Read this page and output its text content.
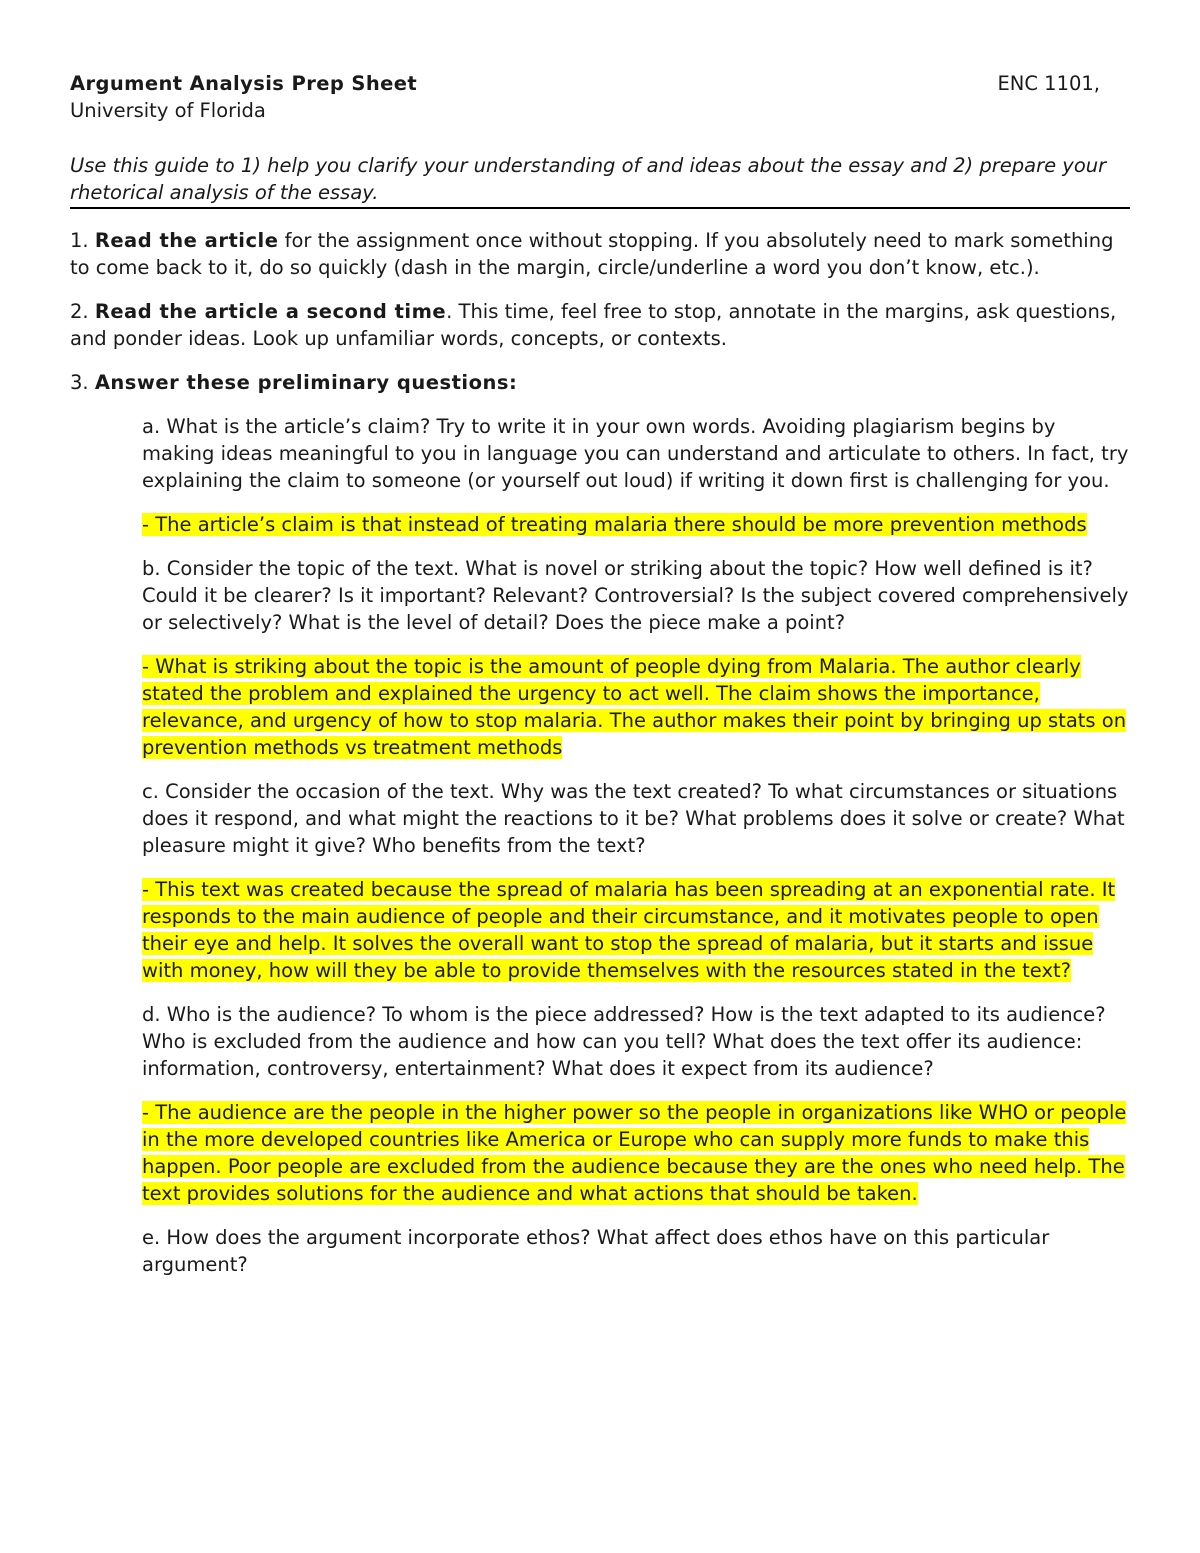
Argument Analysis Prep Sheet	ENC 1101,
University of Florida
Use this guide to 1) help you clarify your understanding of and ideas about the essay and 2) prepare your rhetorical analysis of the essay.
1. Read the article for the assignment once without stopping. If you absolutely need to mark something to come back to it, do so quickly (dash in the margin, circle/underline a word you don’t know, etc.).
2. Read the article a second time. This time, feel free to stop, annotate in the margins, ask questions, and ponder ideas. Look up unfamiliar words, concepts, or contexts.
3. Answer these preliminary questions:
a. What is the article’s claim? Try to write it in your own words. Avoiding plagiarism begins by making ideas meaningful to you in language you can understand and articulate to others. In fact, try explaining the claim to someone (or yourself out loud) if writing it down first is challenging for you.
- The article’s claim is that instead of treating malaria there should be more prevention methods
b. Consider the topic of the text. What is novel or striking about the topic? How well defined is it? Could it be clearer? Is it important? Relevant? Controversial? Is the subject covered comprehensively or selectively? What is the level of detail? Does the piece make a point?
- What is striking about the topic is the amount of people dying from Malaria. The author clearly stated the problem and explained the urgency to act well. The claim shows the importance, relevance, and urgency of how to stop malaria. The author makes their point by bringing up stats on prevention methods vs treatment methods
c. Consider the occasion of the text. Why was the text created? To what circumstances or situations does it respond, and what might the reactions to it be? What problems does it solve or create? What pleasure might it give? Who benefits from the text?
- This text was created because the spread of malaria has been spreading at an exponential rate. It responds to the main audience of people and their circumstance, and it motivates people to open their eye and help. It solves the overall want to stop the spread of malaria, but it starts and issue with money, how will they be able to provide themselves with the resources stated in the text?
d. Who is the audience? To whom is the piece addressed? How is the text adapted to its audience? Who is excluded from the audience and how can you tell? What does the text offer its audience: information, controversy, entertainment? What does it expect from its audience?
- The audience are the people in the higher power so the people in organizations like WHO or people in the more developed countries like America or Europe who can supply more funds to make this happen. Poor people are excluded from the audience because they are the ones who need help. The text provides solutions for the audience and what actions that should be taken.
e. How does the argument incorporate ethos? What affect does ethos have on this particular argument?
